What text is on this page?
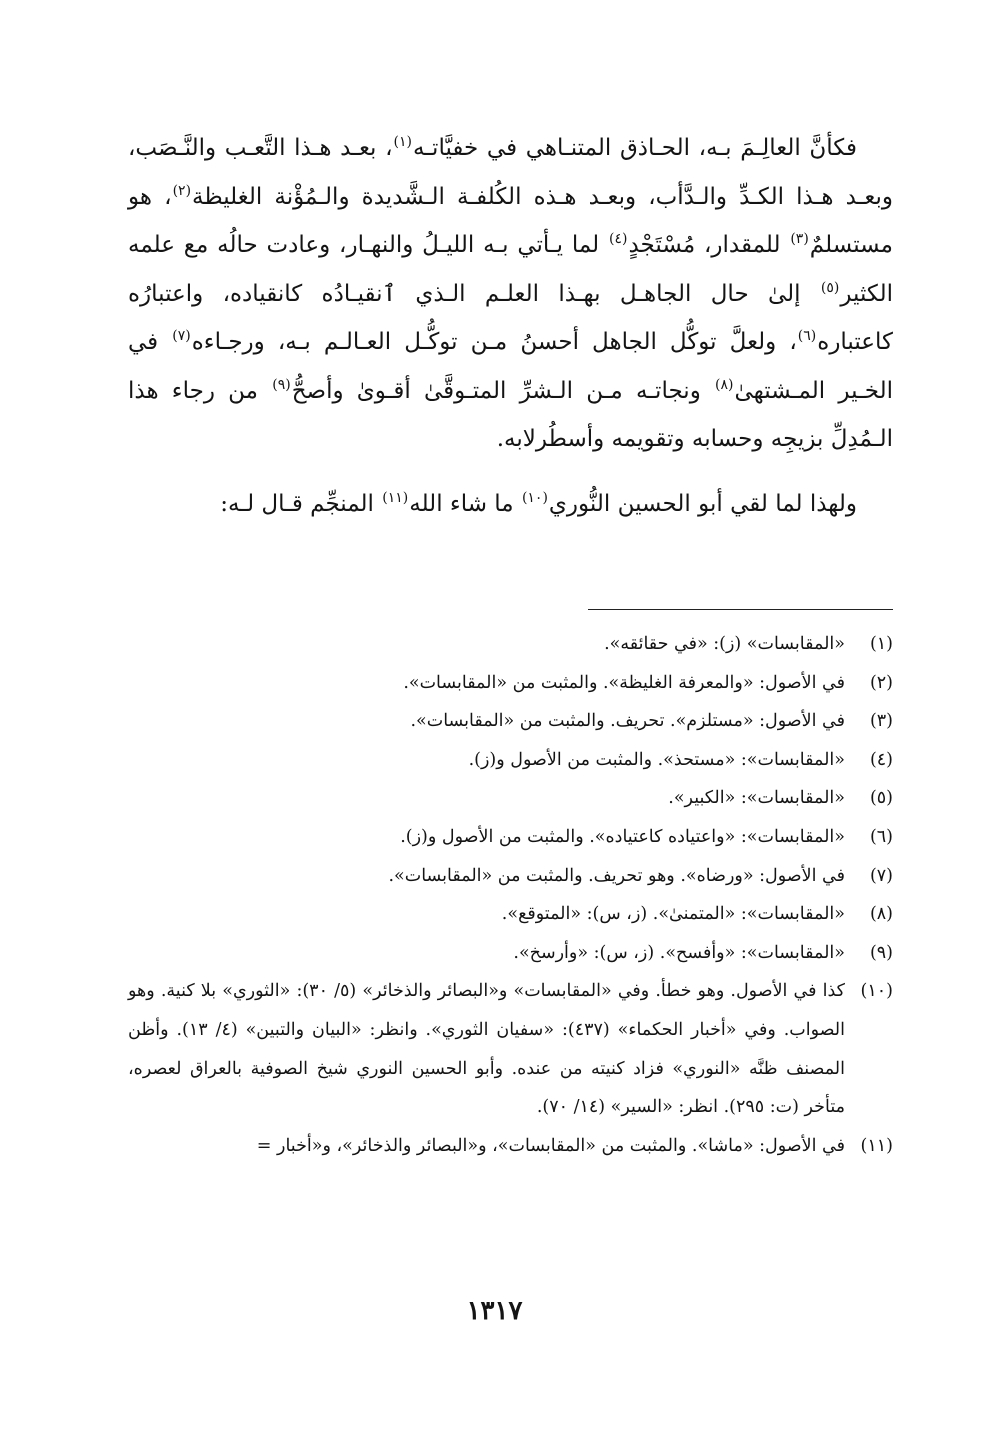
فكأنَّ العالِـمَ بـه، الحـاذق المتنـاهي في خفيَّاتـه$^{(١)}$، بعـد هـذا التَّعـب والنَّـصَب، وبعـد هـذا الكـدِّ والـدَّأب، وبعـد هـذه الكُلفـة الـشَّديدة والـمُؤْنة الغليظة$^{(٢)}$، هو مستسلمٌ$^{(٣)}$ للمقدار، مُسْتَجْدٍ$^{(٤)}$ لما يـأتي بـه الليـلُ والنهـار، وعادت حالُه مع علمه الكثير$^{(٥)}$ إلىٰ حال الجاهـل بهـذا العلـم الـذي ٱنقيـادُه كانقياده، واعتبارُه كاعتباره$^{(٦)}$، ولعلَّ توكُّل الجاهل أحسنُ مـن توكُّـل العـالـم بـه، ورجـاءه$^{(٧)}$ في الخـير المـشتهىٰ$^{(٨)}$ ونجاتـه مـن الـشرِّ المتـوقَّىٰ أقـوىٰ وأصحُّ$^{(٩)}$ من رجاء هذا الـمُدِلِّ بزيجِه وحسابه وتقويمه وأسطُرلابه.

ولهذا لما لقي أبو الحسين النُّوري$^{(١٠)}$ ما شاء الله$^{(١١)}$ المنجِّم قـال لـه:

(١)
«المقابسات» (ز): «في حقائقه».
(٢)
في الأصول: «والمعرفة الغليظة». والمثبت من «المقابسات».
(٣)
في الأصول: «مستلزم». تحريف. والمثبت من «المقابسات».
(٤)
«المقابسات»: «مستحذ». والمثبت من الأصول و(ز).
(٥)
«المقابسات»: «الكبير».
(٦)
«المقابسات»: «واعتياده كاعتياده». والمثبت من الأصول و(ز).
(٧)
في الأصول: «ورضاه». وهو تحريف. والمثبت من «المقابسات».
(٨)
«المقابسات»: «المتمنىٰ». (ز، س): «المتوقع».
(٩)
«المقابسات»: «وأفسح». (ز، س): «وأرسخ».
(١٠)
كذا في الأصول. وهو خطأ. وفي «المقابسات» و«البصائر والذخائر» (٥/ ٣٠): «الثوري» بلا كنية. وهو الصواب. وفي «أخبار الحكماء» (٤٣٧): «سفيان الثوري». وانظر: «البيان والتبين» (٤/ ١٣). وأظن المصنف ظنَّه «النوري» فزاد كنيته من عنده. وأبو الحسين النوري شيخ الصوفية بالعراق لعصره، متأخر (ت: ٢٩٥). انظر: «السير» (١٤/ ٧٠).
(١١)
في الأصول: «ماشا». والمثبت من «المقابسات»، و«البصائر والذخائر»، و«أخبار =
١٣١٧
